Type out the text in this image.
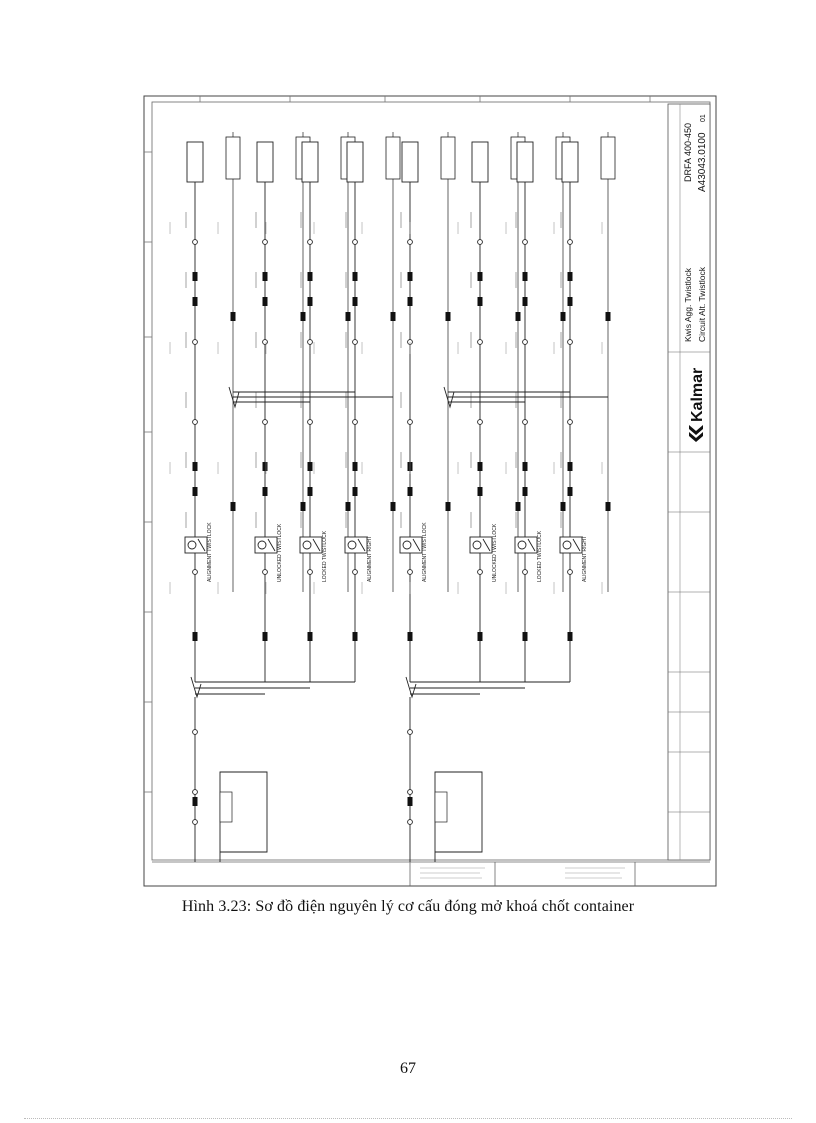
ALIGNMENT TWISTLOCK	UNLOCKED TWISTLOCK	LOCKED TWISTLOCK	ALIGNMENT RIGHT	ALIGNMENT TWISTLOCK	UNLOCKED TWISTLOCK	LOCKED TWISTLOCK	ALIGNMENT RIGHT
Kalmar
Kwis Agg. Twistlock Circuit Alt. Twistlock
DRFA 400-450 A43043.0100
01
Hình 3.23: Sơ đồ điện nguyên lý cơ cấu đóng mở khoá chốt container
67
